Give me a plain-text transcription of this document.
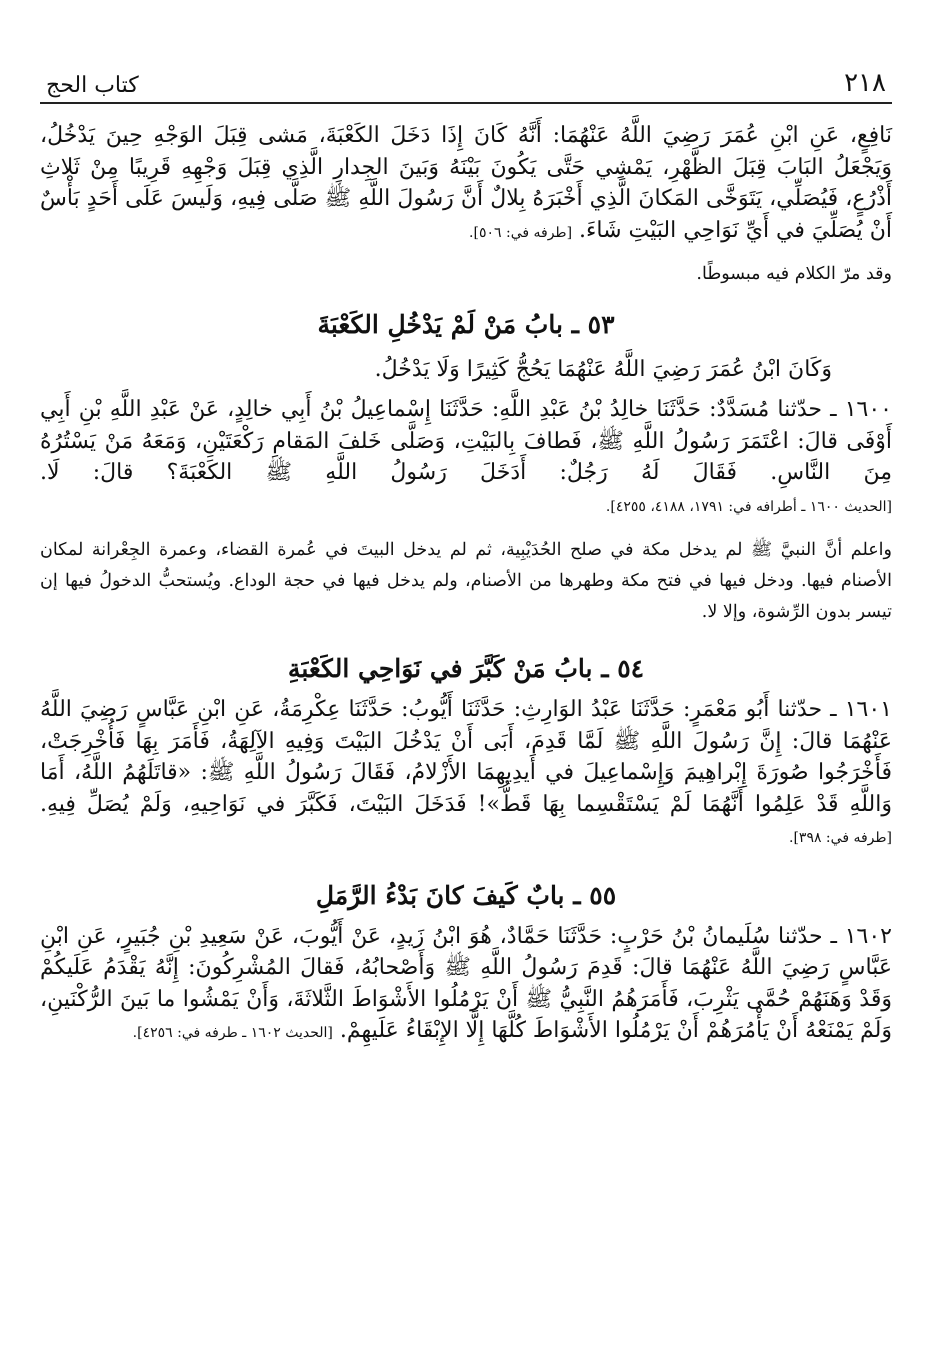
٢١٨
كتاب الحج

نَافِعٍ، عَنِ ابْنِ عُمَرَ رَضِيَ اللَّهُ عَنْهُمَا: أَنَّهُ كَانَ إِذَا دَخَلَ الكَعْبَةَ، مَشى قِبَلَ الوَجْهِ حِينَ يَدْخُلُ، وَيَجْعَلُ البَابَ قِبَلَ الظَّهْرِ، يَمْشِي حَتَّى يَكُونَ بَيْنَهُ وَبَينَ الجِدارِ الَّذِي قِبَلَ وَجْهِهِ قَرِيبًا مِنْ ثَلاثِ أَذْرُعٍ، فَيُصَلِّي، يَتَوَخَّى المَكانَ الَّذِي أَخْبَرَهُ بِلالٌ أَنَّ رَسُولَ اللَّهِ ﷺ صَلَّى فِيهِ، وَلَيسَ عَلَى أَحَدٍ بَأْسٌ أَنْ يُصَلِّيَ في أَيِّ نَوَاحِي البَيْتِ شَاءَ. [طرفه في: ٥٠٦].

وقد مرّ الكلام فيه مبسوطًا.

٥٣ ـ بابُ مَنْ لَمْ يَدْخُلِ الكَعْبَةَ

وَكَانَ ابْنُ عُمَرَ رَضِيَ اللَّهُ عَنْهُمَا يَحُجُّ كَثِيرًا وَلَا يَدْخُلُ.

١٦٠٠ ـ حدّثنا مُسَدَّدٌ: حَدَّثَنَا خالِدُ بْنُ عَبْدِ اللَّهِ: حَدَّثَنَا إِسْماعِيلُ بْنُ أَبِي خالِدٍ، عَنْ عَبْدِ اللَّهِ بْنِ أَبِي أَوْفَى قالَ: اعْتَمَرَ رَسُولُ اللَّهِ ﷺ، فَطافَ بِالبَيْتِ، وَصَلَّى خَلفَ المَقامِ رَكْعَتَيْنِ، وَمَعَهُ مَنْ يَسْتُرُهُ مِنَ النَّاسِ. فَقَالَ لَهُ رَجُلٌ: أَدَخَلَ رَسُولُ اللَّهِ ﷺ الكَعْبَةَ؟ قالَ: لَا. [الحديث ١٦٠٠ ـ أطرافه في: ١٧٩١، ٤١٨٨، ٤٢٥٥].

واعلم أنَّ النبيَّ ﷺ لم يدخل مكة في صلح الحُدَيْبِية، ثم لم يدخل البيتَ في عُمرة القضاء، وعمرة الجِعْرانة لمكان الأصنام فيها. ودخل فيها في فتح مكة وطهرها من الأصنام، ولم يدخل فيها في حجة الوداع. ويُستحبُّ الدخولُ فيها إن تيسر بدون الرِّشوة، وإلا لا.

٥٤ ـ بابُ مَنْ كَبَّرَ في نَوَاحِي الكَعْبَةِ

١٦٠١ ـ حدّثنا أَبُو مَعْمَرٍ: حَدَّثَنَا عَبْدُ الوَارِثِ: حَدَّثَنَا أَيُّوبُ: حَدَّثَنَا عِكْرِمَةُ، عَنِ ابْنِ عَبَّاسٍ رَضِيَ اللَّهُ عَنْهُمَا قالَ: إِنَّ رَسُولَ اللَّهِ ﷺ لَمَّا قَدِمَ، أَبَى أَنْ يَدْخُلَ البَيْتَ وَفِيهِ الآلِهَةُ، فَأَمَرَ بِهَا فَأُخْرِجَتْ، فَأَخْرَجُوا صُورَةَ إِبْراهِيمَ وَإِسْماعِيلَ في أَيدِيهِمَا الأَزْلامُ، فَقَالَ رَسُولُ اللَّهِ ﷺ: «قاتَلَهُمُ اللَّهُ، أَمَا وَاللَّهِ قَدْ عَلِمُوا أَنَّهُمَا لَمْ يَسْتَقْسِما بِهَا قَطُّ»! فَدَخَلَ البَيْتَ، فَكَبَّرَ في نَوَاحِيهِ، وَلَمْ يُصَلِّ فِيهِ. [طرفه في: ٣٩٨].

٥٥ ـ بابٌ كَيفَ كانَ بَدْءُ الرَّمَلِ

١٦٠٢ ـ حدّثنا سُلَيمانُ بْنُ حَرْبٍ: حَدَّثَنَا حَمَّادٌ، هُوَ ابْنُ زَيدٍ، عَنْ أَيُّوبَ، عَنْ سَعِيدِ بْنِ جُبَيرٍ، عَنِ ابْنِ عَبَّاسٍ رَضِيَ اللَّهُ عَنْهُمَا قالَ: قَدِمَ رَسُولُ اللَّهِ ﷺ وَأَصْحابُهُ، فَقالَ المُشْرِكُونَ: إِنَّهُ يَقْدَمُ عَلَيكُمْ وَقَدْ وَهَنَهُمْ حُمَّى يَثْرِبَ، فَأَمَرَهُمُ النَّبِيُّ ﷺ أَنْ يَرْمُلُوا الأَشْوَاطَ الثَّلاثَةَ، وَأَنْ يَمْشُوا ما بَينَ الرُّكْنَينِ، وَلَمْ يَمْنَعْهُ أَنْ يَأْمُرَهُمْ أَنْ يَرْمُلُوا الأَشْوَاطَ كُلَّهَا إِلَّا الإِبْقَاءُ عَلَيهِمْ. [الحديث ١٦٠٢ ـ طرفه في: ٤٢٥٦].
